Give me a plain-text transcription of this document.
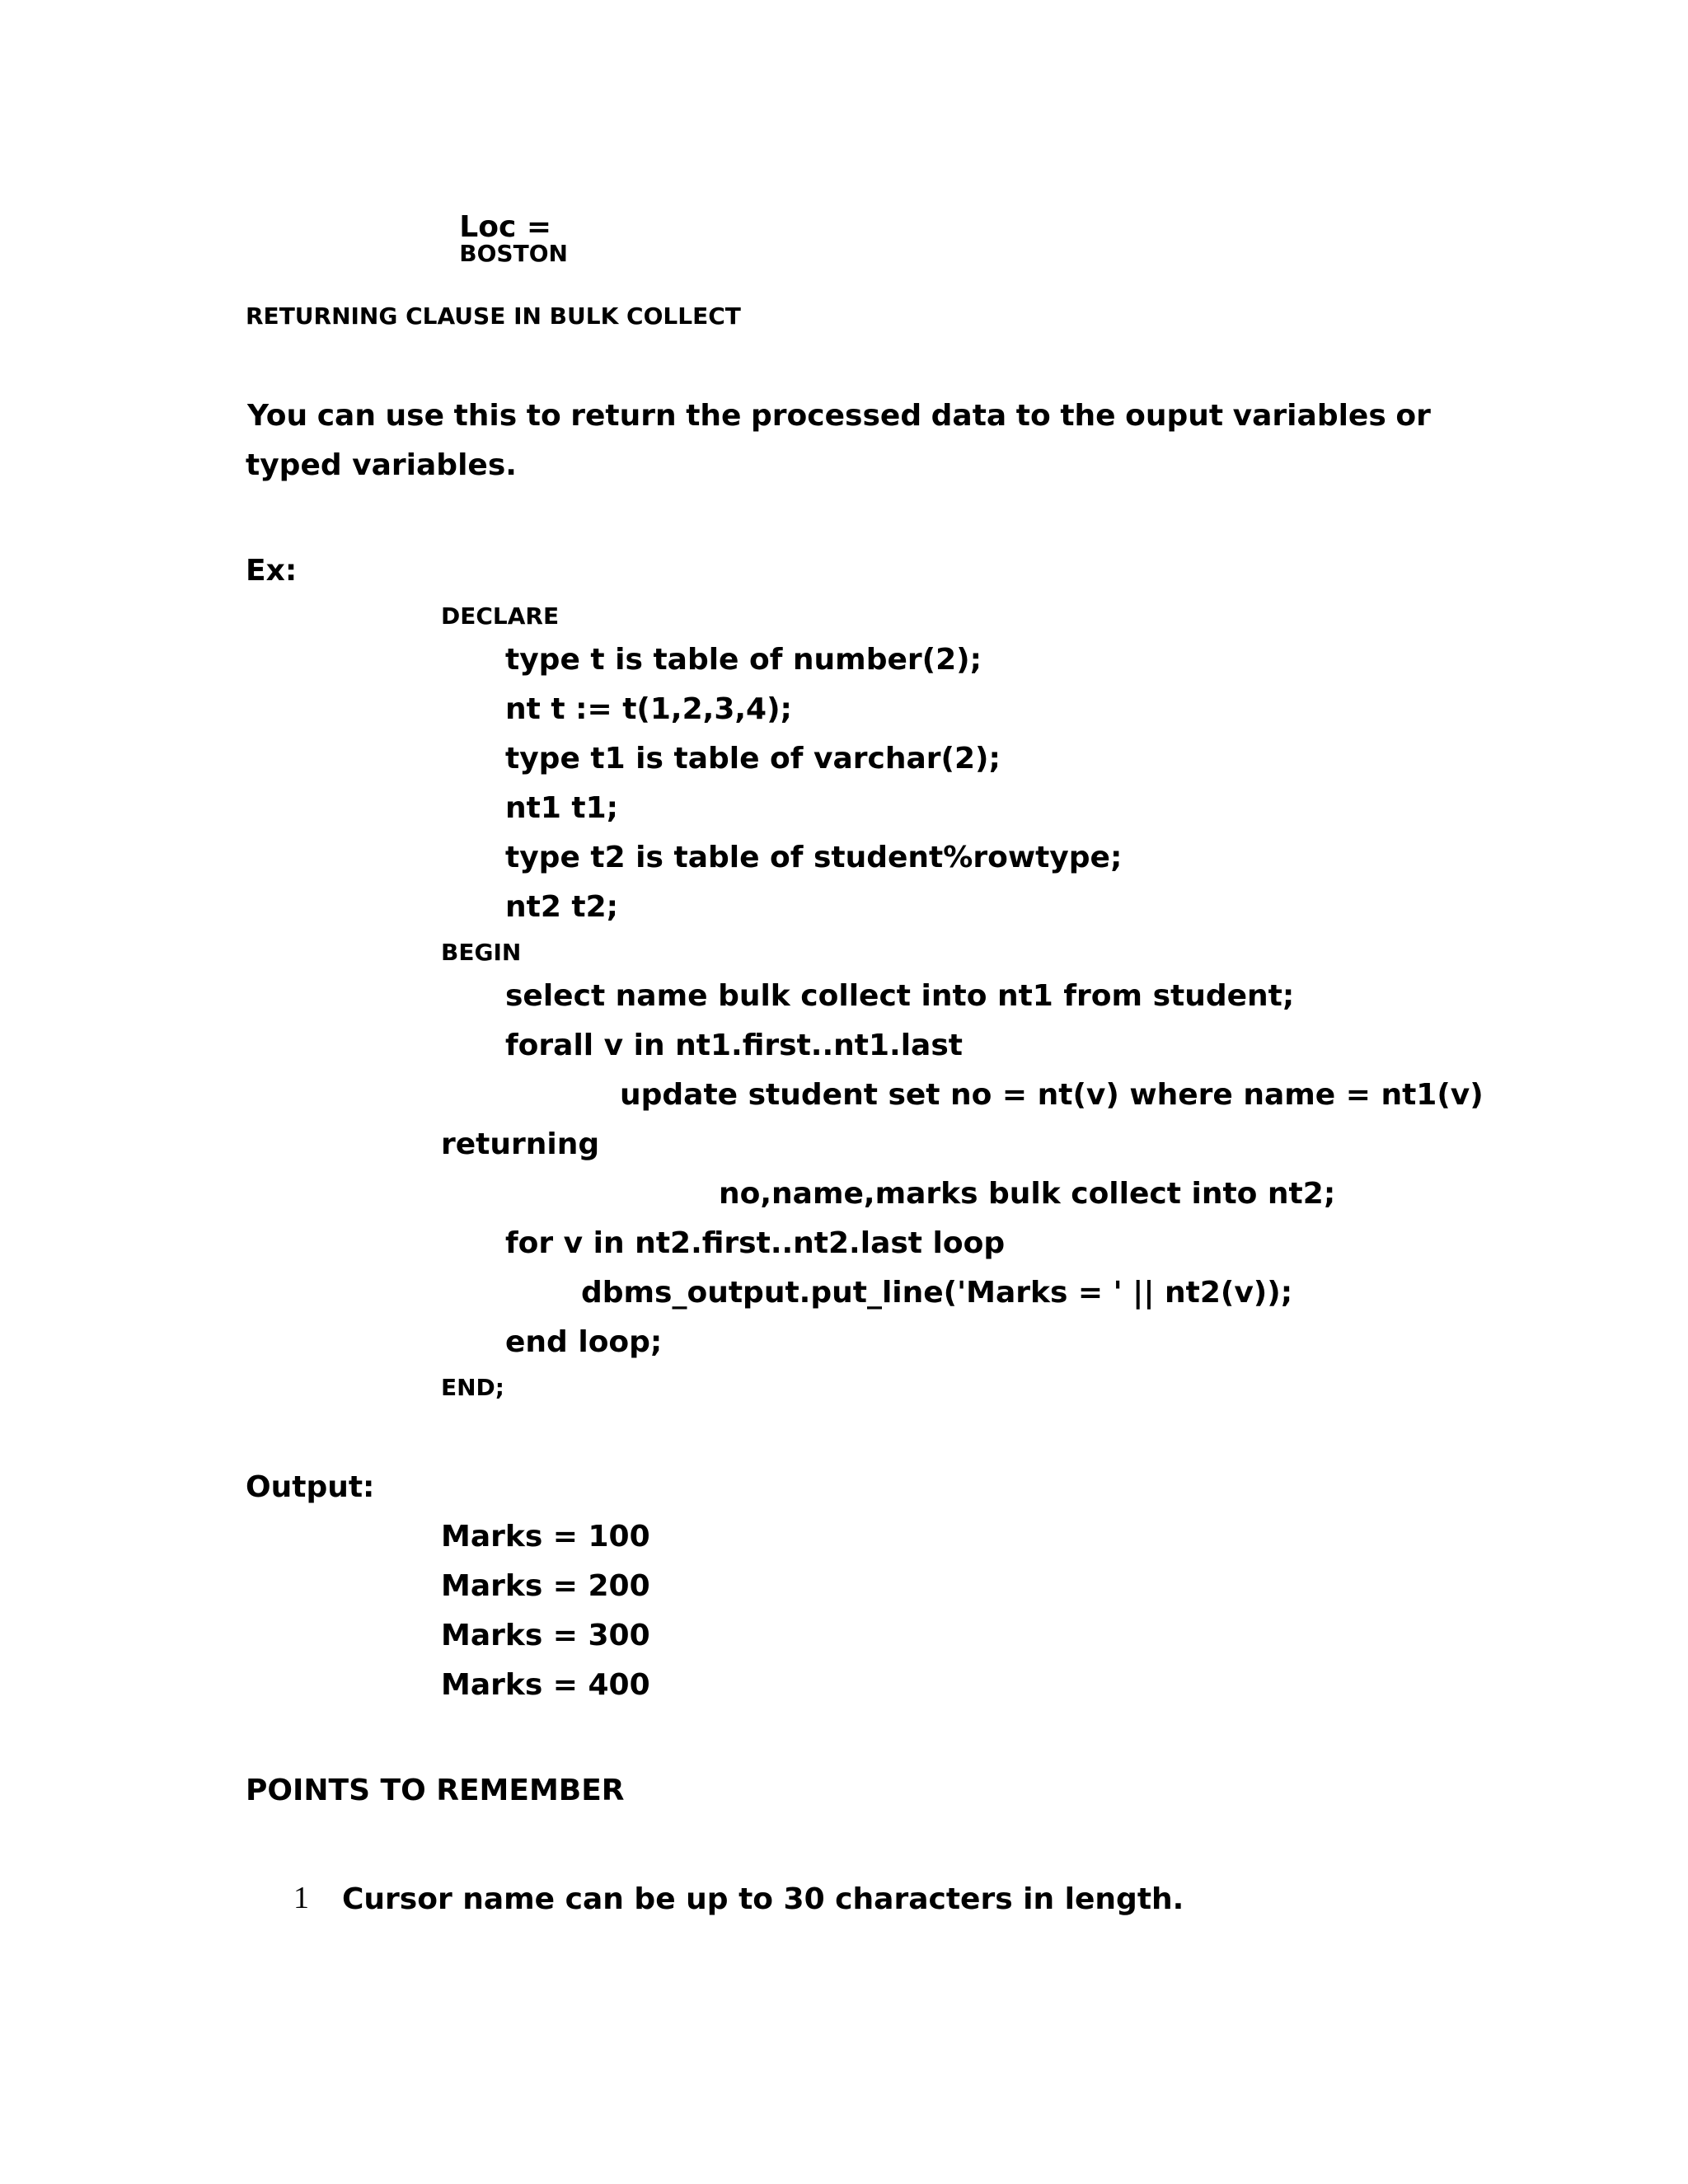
Loc =
BOSTON

RETURNING CLAUSE IN BULK COLLECT
You can use this to return the processed data to the ouput variables or
typed variables.
Ex:
DECLARE
type t is table of number(2);
nt t := t(1,2,3,4);
type t1 is table of varchar(2);
nt1 t1;
type t2 is table of student%rowtype;
nt2 t2;
BEGIN
select name bulk collect into nt1 from student;
forall v in nt1.first..nt1.last
update student set no = nt(v) where name = nt1(v)
returning
no,name,marks bulk collect into nt2;
for v in nt2.first..nt2.last loop
dbms_output.put_line('Marks = ' || nt2(v));
end loop;
END;
Output:
Marks = 100
Marks = 200
Marks = 300
Marks = 400
POINTS TO REMEMBER
1 Cursor name can be up to 30 characters in length.
